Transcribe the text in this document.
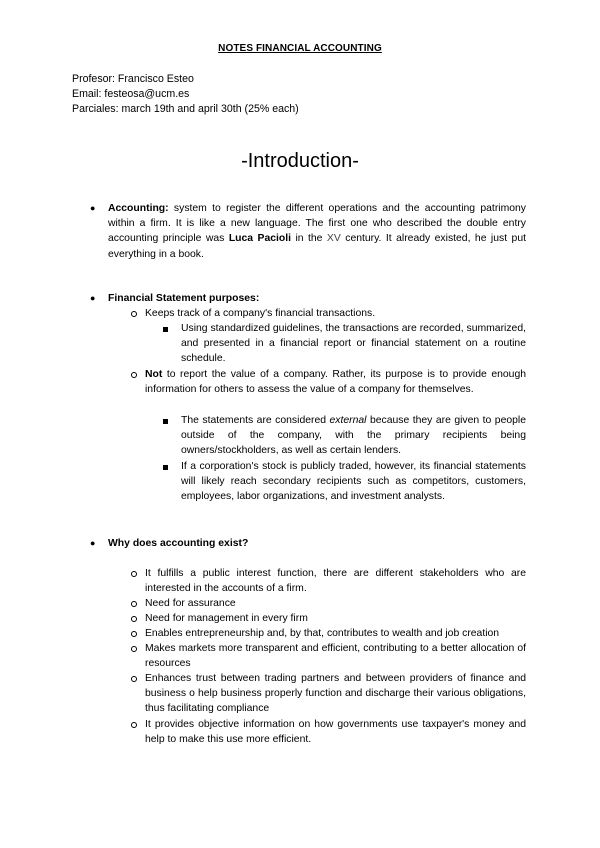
NOTES FINANCIAL ACCOUNTING
Profesor: Francisco Esteo
Email: festeosa@ucm.es
Parciales: march 19th and april 30th (25% each)
-Introduction-
● Accounting: system to register the different operations and the accounting patrimony within a firm. It is like a new language. The first one who described the double entry accounting principle was Luca Pacioli in the XV century. It already existed, he just put everything in a book.
● Financial Statement purposes:
Keeps track of a company's financial transactions.
Using standardized guidelines, the transactions are recorded, summarized, and presented in a financial report or financial statement on a routine schedule.
Not to report the value of a company. Rather, its purpose is to provide enough information for others to assess the value of a company for themselves.
The statements are considered external because they are given to people outside of the company, with the primary recipients being owners/stockholders, as well as certain lenders.
If a corporation's stock is publicly traded, however, its financial statements will likely reach secondary recipients such as competitors, customers, employees, labor organizations, and investment analysts.
● Why does accounting exist?
It fulfills a public interest function, there are different stakeholders who are interested in the accounts of a firm.
Need for assurance
Need for management in every firm
Enables entrepreneurship and, by that, contributes to wealth and job creation
Makes markets more transparent and efficient, contributing to a better allocation of resources
Enhances trust between trading partners and between providers of finance and business o help business properly function and discharge their various obligations, thus facilitating compliance
It provides objective information on how governments use taxpayer's money and help to make this use more efficient.
